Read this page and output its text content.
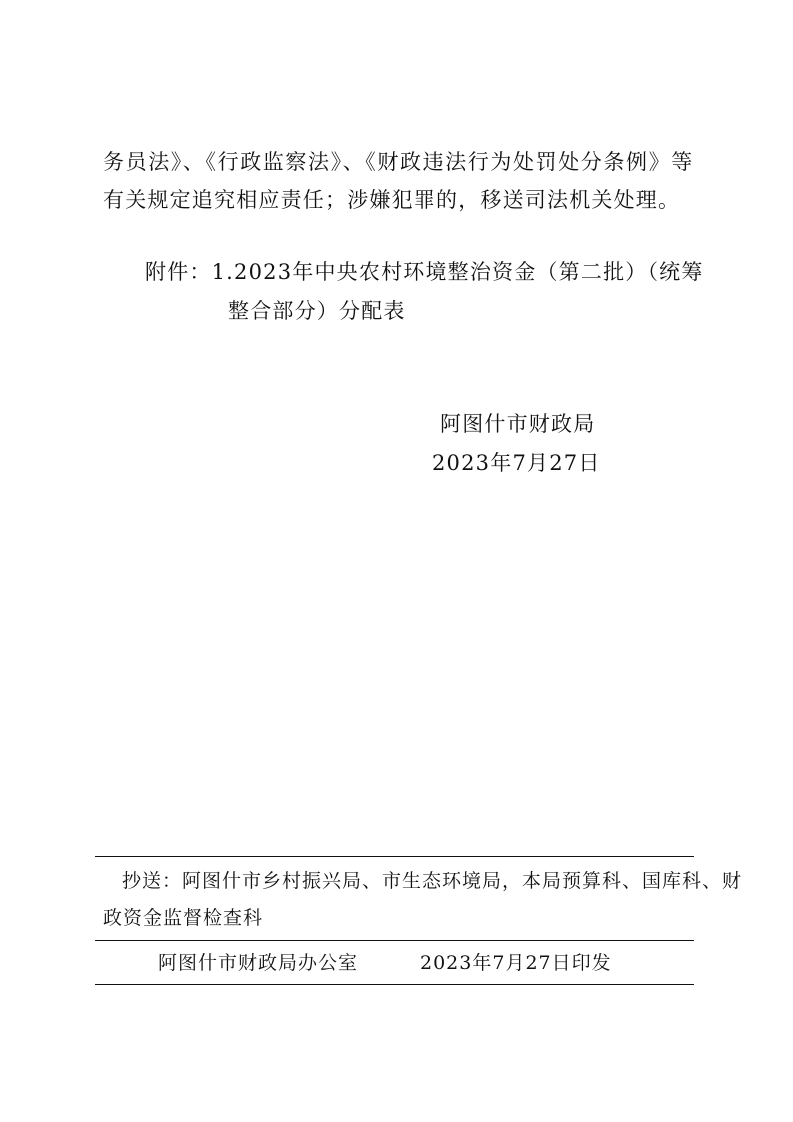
务员法》、《行政监察法》、《财政违法行为处罚处分条例》等
有关规定追究相应责任；涉嫌犯罪的，移送司法机关处理。
附件：1.2023年中央农村环境整治资金（第二批）（统筹
整合部分）分配表
阿图什市财政局
2023年7月27日
抄送：阿图什市乡村振兴局、市生态环境局，本局预算科、国库科、财
政资金监督检查科
阿图什市财政局办公室	2023年7月27日印发
